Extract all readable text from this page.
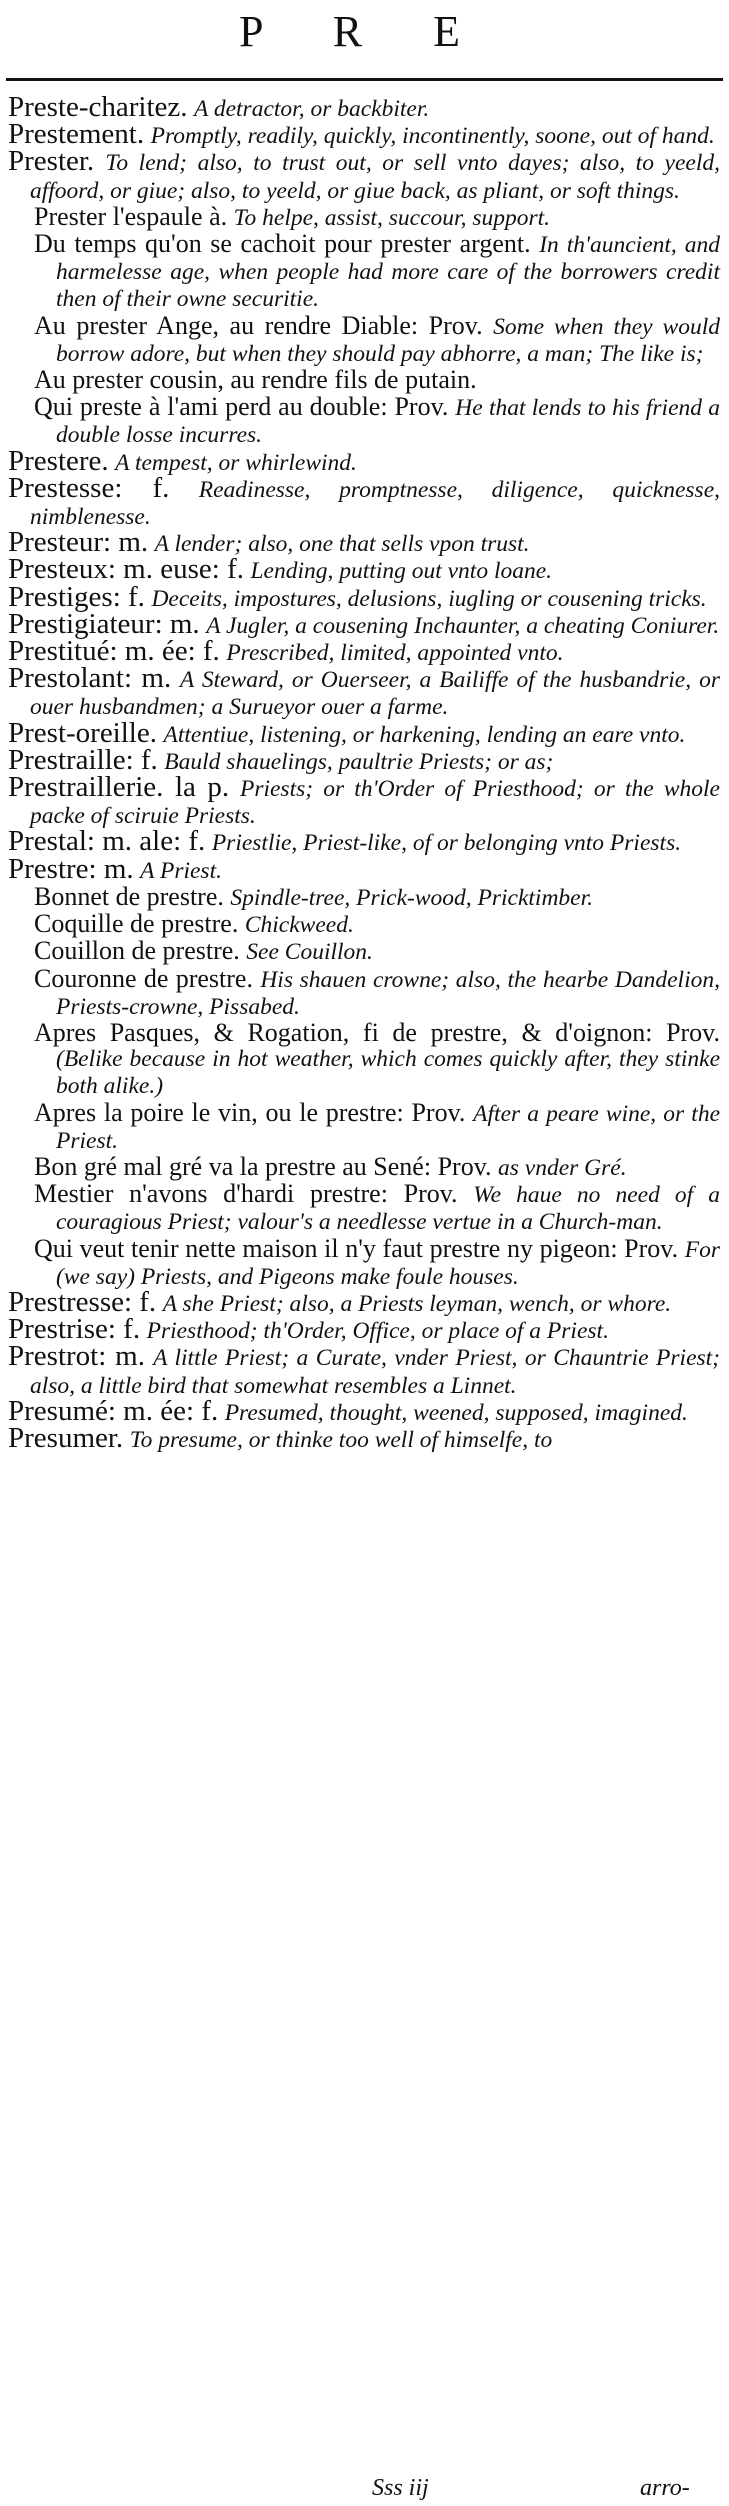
P R E

Preste-charitez. A detractor, or backbiter.

Prestement. Promptly, readily, quickly, incontinently, soone, out of hand.

Prester. To lend; also, to trust out, or sell vnto dayes; also, to yeeld, affoord, or giue; also, to yeeld, or giue back, as pliant, or soft things.

Prester l'espaule à. To helpe, assist, succour, support.

Du temps qu'on se cachoit pour prester argent. In th'auncient, and harmelesse age, when people had more care of the borrowers credit then of their owne securitie.

Au prester Ange, au rendre Diable: Prov. Some when they would borrow adore, but when they should pay abhorre, a man; The like is;

Au prester cousin, au rendre fils de putain.

Qui preste à l'ami perd au double: Prov. He that lends to his friend a double losse incurres.

Prestere. A tempest, or whirlewind.

Prestesse: f. Readinesse, promptnesse, diligence, quicknesse, nimblenesse.

Presteur: m. A lender; also, one that sells vpon trust.

Presteux: m. euse: f. Lending, putting out vnto loane.

Prestiges: f. Deceits, impostures, delusions, iugling or cousening tricks.

Prestigiateur: m. A Jugler, a cousening Inchaunter, a cheating Coniurer.

Prestitué: m. ée: f. Prescribed, limited, appointed vnto.

Prestolant: m. A Steward, or Ouerseer, a Bailiffe of the husbandrie, or ouer husbandmen; a Surueyor ouer a farme.

Prest-oreille. Attentiue, listening, or harkening, lending an eare vnto.

Prestraille: f. Bauld shauelings, paultrie Priests; or as;

Prestraillerie. la p. Priests; or th'Order of Priesthood; or the whole packe of sciruie Priests.

Prestal: m. ale: f. Priestlie, Priest-like, of or belonging vnto Priests.

Prestre: m. A Priest.

Bonnet de prestre. Spindle-tree, Prick-wood, Pricktimber.

Coquille de prestre. Chickweed.

Couillon de prestre. See Couillon.

Couronne de prestre. His shauen crowne; also, the hearbe Dandelion, Priests-crowne, Pissabed.

Apres Pasques, & Rogation, fi de prestre, & d'oignon: Prov. (Belike because in hot weather, which comes quickly after, they stinke both alike.)

Apres la poire le vin, ou le prestre: Prov. After a peare wine, or the Priest.

Bon gré mal gré va la prestre au Sené: Prov. as vnder Gré.

Mestier n'avons d'hardi prestre: Prov. We haue no need of a couragious Priest; valour's a needlesse vertue in a Church-man.

Qui veut tenir nette maison il n'y faut prestre ny pigeon: Prov. For (we say) Priests, and Pigeons make foule houses.

Prestresse: f. A she Priest; also, a Priests leyman, wench, or whore.

Prestrise: f. Priesthood; th'Order, Office, or place of a Priest.

Prestrot: m. A little Priest; a Curate, vnder Priest, or Chauntrie Priest; also, a little bird that somewhat resembles a Linnet.

Presumé: m. ée: f. Presumed, thought, weened, supposed, imagined.

Presumer. To presume, or thinke too well of himselfe, to

Sss iij	arro-
